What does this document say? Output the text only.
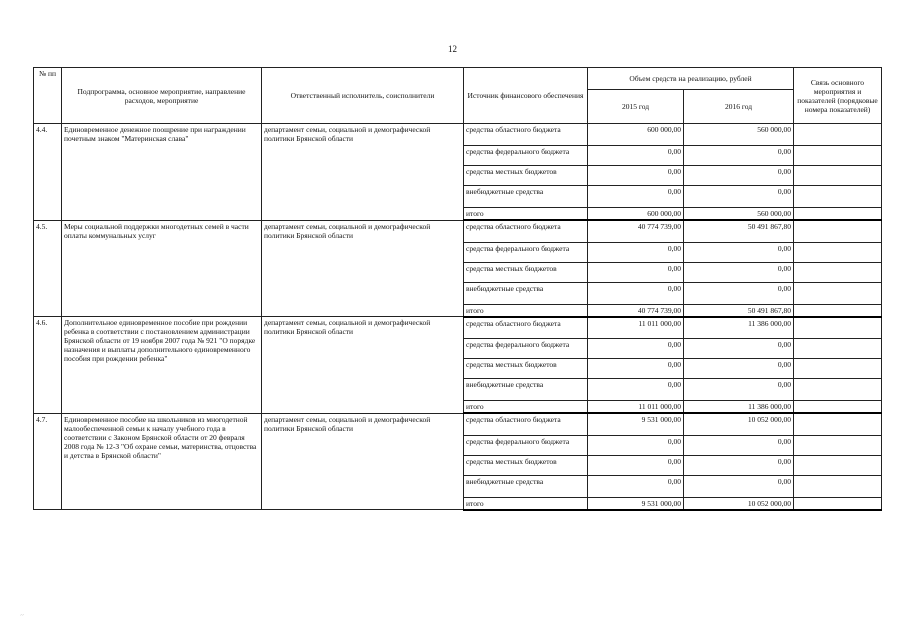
12
№ пп	Подпрограмма, основное мероприятие, направление расходов, мероприятие	Ответственный исполнитель, соисполнители	Источник финансового обеспечения	Объем средств на реализацию, рублей		Связь основного мероприятия и показателей (порядковые номера показателей)
				2015 год	2016 год	
4.4.	Единовременное денежное поощрение при награждении почетным знаком "Материнская слава"	департамент семьи, социальной и демографической политики Брянской области	средства областного бюджета	600 000,00	560 000,00	
			средства федерального бюджета	0,00	0,00	
			средства местных бюджетов	0,00	0,00	
			внебюджетные средства	0,00	0,00	
			итого	600 000,00	560 000,00	
4.5.	Меры социальной поддержки многодетных семей в части оплаты коммунальных услуг	департамент семьи, социальной и демографической политики Брянской области	средства областного бюджета	40 774 739,00	50 491 867,80	
			средства федерального бюджета	0,00	0,00	
			средства местных бюджетов	0,00	0,00	
			внебюджетные средства	0,00	0,00	
			итого	40 774 739,00	50 491 867,80	
4.6.	Дополнительное единовременное пособие при рождении ребенка в соответствии с постановлением администрации Брянской области от 19 ноября 2007 года № 921 "О порядке назначения и выплаты дополнительного единовременного пособия при рождении ребенка"	департамент семьи, социальной и демографической политики Брянской области	средства областного бюджета	11 011 000,00	11 386 000,00	
			средства федерального бюджета	0,00	0,00	
			средства местных бюджетов	0,00	0,00	
			внебюджетные средства	0,00	0,00	
			итого	11 011 000,00	11 386 000,00	
4.7.	Единовременное пособие на школьников из многодетной малообеспеченной семьи к началу учебного года в соответствии с Законом Брянской области от 20 февраля 2008 года № 12-З "Об охране семьи, материнства, отцовства и детства в Брянской области"	департамент семьи, социальной и демографической политики Брянской области	средства областного бюджета	9 531 000,00	10 052 000,00	
			средства федерального бюджета	0,00	0,00	
			средства местных бюджетов	0,00	0,00	
			внебюджетные средства	0,00	0,00	
			итого	9 531 000,00	10 052 000,00	
´´
